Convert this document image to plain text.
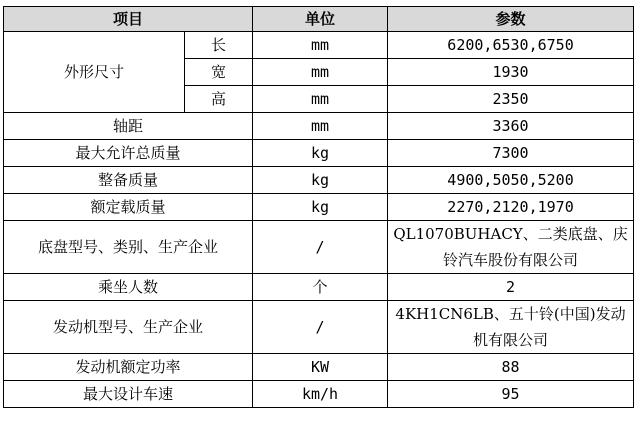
项目		单位	参数
外形尺寸	长	mm	6200,6530,6750
	宽	mm	1930
	高	mm	2350
轴距		mm	3360
最大允许总质量		kg	7300
整备质量		kg	4900,5050,5200
额定载质量		kg	2270,2120,1970
底盘型号、类别、生产企业		/	QL1070BUHACY、二类底盘、庆铃汽车股份有限公司
乘坐人数		个	2
发动机型号、生产企业		/	4KH1CN6LB、五十铃(中国)发动机有限公司
发动机额定功率		KW	88
最大设计车速		km/h	95
